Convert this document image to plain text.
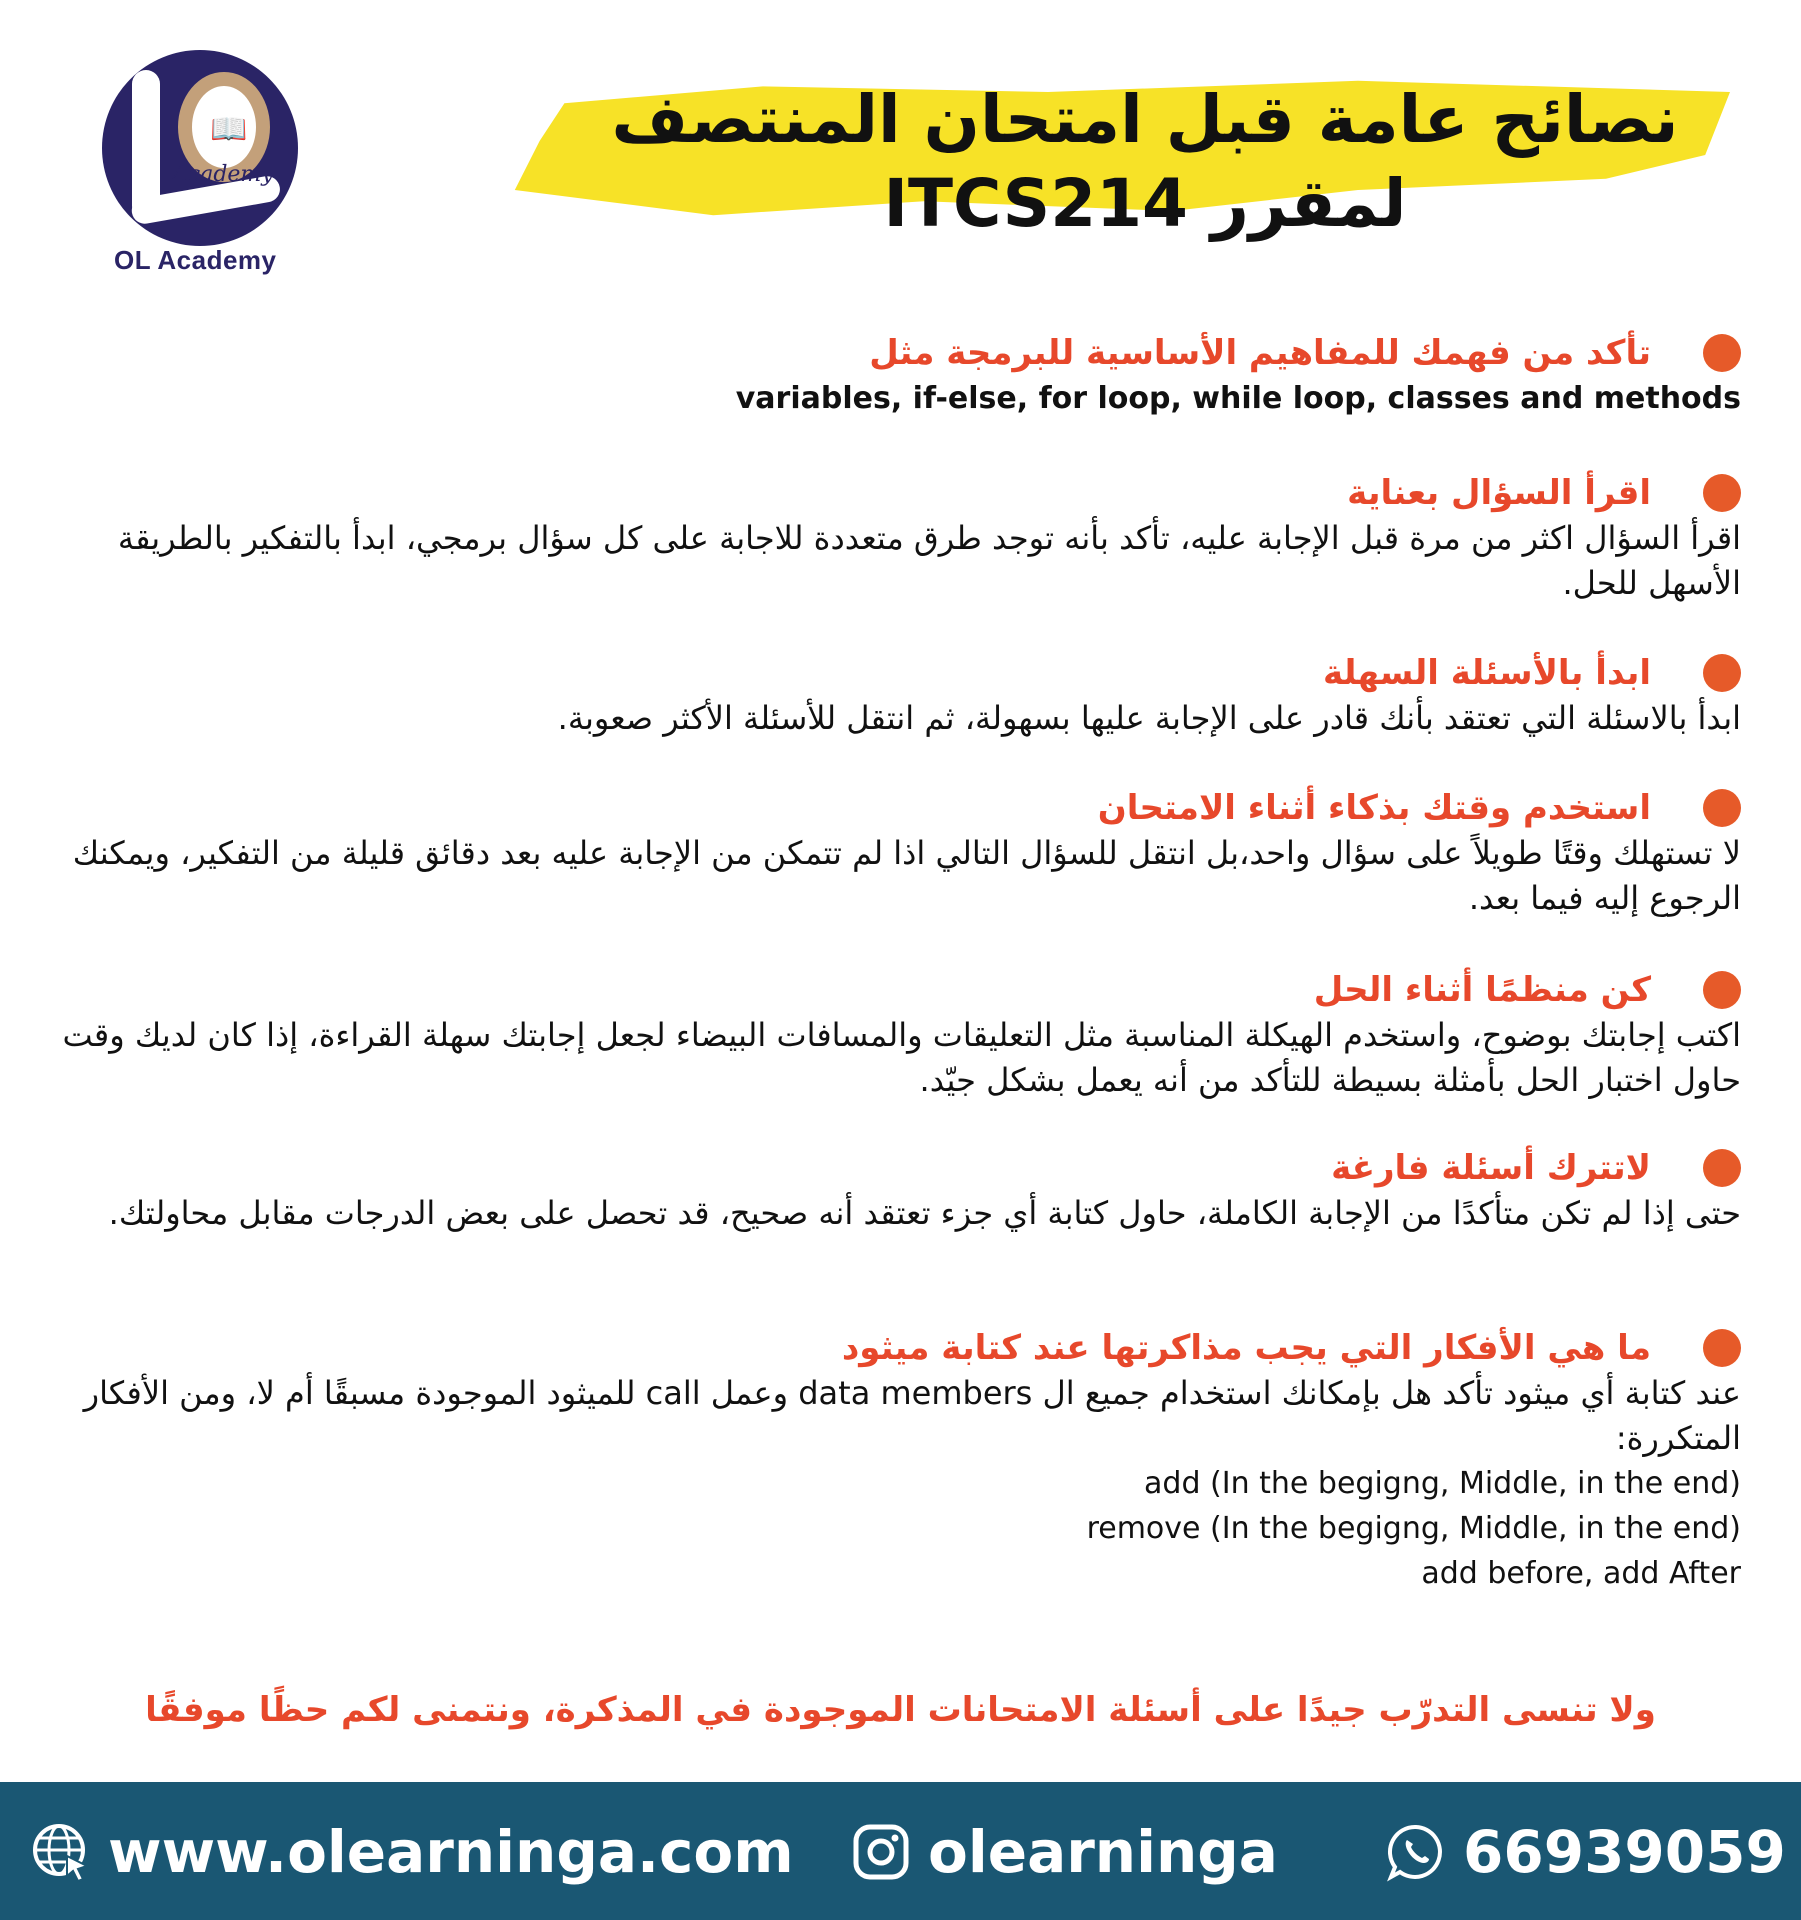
📖
Academy
OL Academy
نصائح عامة قبل امتحان المنتصف
لمقرر ITCS214
تأكد من فهمك للمفاهيم الأساسية للبرمجة مثل
variables, if-else, for loop, while loop, classes and methods
اقرأ السؤال بعناية
اقرأ السؤال اكثر من مرة قبل الإجابة عليه، تأكد بأنه توجد طرق متعددة للاجابة على كل سؤال برمجي، ابدأ بالتفكير بالطريقة الأسهل للحل.
ابدأ بالأسئلة السهلة
ابدأ بالاسئلة التي تعتقد بأنك قادر على الإجابة عليها بسهولة، ثم انتقل للأسئلة الأكثر صعوبة.
استخدم وقتك بذكاء أثناء الامتحان
لا تستهلك وقتًا طويلاً على سؤال واحد،بل انتقل للسؤال التالي اذا لم تتمكن من الإجابة عليه بعد دقائق قليلة من التفكير، ويمكنك الرجوع إليه فيما بعد.
كن منظمًا أثناء الحل
اكتب إجابتك بوضوح، واستخدم الهيكلة المناسبة مثل التعليقات والمسافات البيضاء لجعل إجابتك سهلة القراءة، إذا كان لديك وقت حاول اختبار الحل بأمثلة بسيطة للتأكد من أنه يعمل بشكل جيّد.
لاتترك أسئلة فارغة
حتى إذا لم تكن متأكدًا من الإجابة الكاملة، حاول كتابة أي جزء تعتقد أنه صحيح، قد تحصل على بعض الدرجات مقابل محاولتك.
ما هي الأفكار التي يجب مذاكرتها عند كتابة ميثود
عند كتابة أي ميثود تأكد هل بإمكانك استخدام جميع ال data members وعمل call للميثود الموجودة مسبقًا أم لا، ومن الأفكار المتكررة:
add (In the begigng, Middle, in the end)
remove (In the begigng, Middle, in the end)
add before, add After
ولا تنسى التدرّب جيدًا على أسئلة الامتحانات الموجودة في المذكرة، ونتمنى لكم حظًا موفقًا
www.olearninga.com olearninga	66939059
